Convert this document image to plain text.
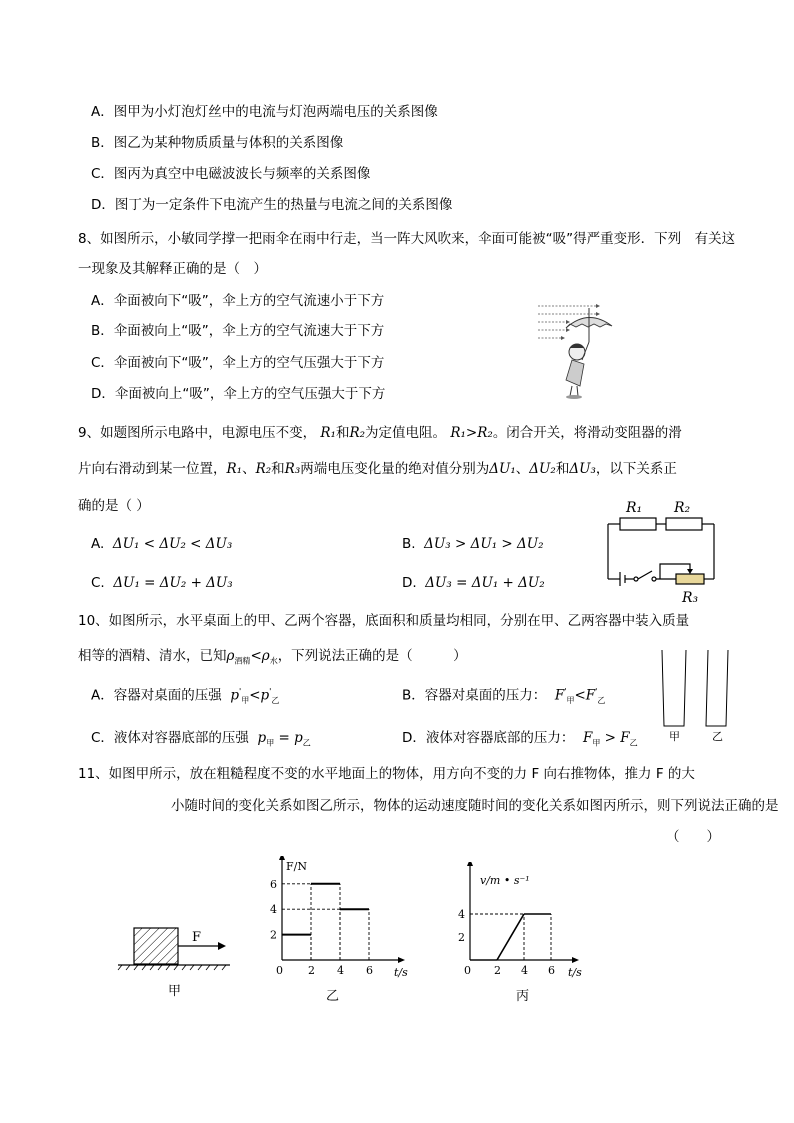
A．图甲为小灯泡灯丝中的电流与灯泡两端电压的关系图像
B．图乙为某种物质质量与体积的关系图像
C．图丙为真空中电磁波波长与频率的关系图像
D．图丁为一定条件下电流产生的热量与电流之间的关系图像
8、如图所示，小敏同学撑一把雨伞在雨中行走，当一阵大风吹来，伞面可能被“吸”得严重变形．下列　有关这
一现象及其解释正确的是（　）
A．伞面被向下“吸”，伞上方的空气流速小于下方
B．伞面被向上“吸”，伞上方的空气流速大于下方
C．伞面被向下“吸”，伞上方的空气压强大于下方
D．伞面被向上“吸”，伞上方的空气压强大于下方
9、如题图所示电路中，电源电压不变， R₁和R₂为定值电阻。 R₁>R₂。闭合开关，将滑动变阻器的滑
片向右滑动到某一位置，R₁、R₂和R₃两端电压变化量的绝对值分别为ΔU₁、ΔU₂和ΔU₃，以下关系正
确的是（ ）
A. ΔU₁ < ΔU₂ < ΔU₃	B. ΔU₃ > ΔU₁ > ΔU₂
C. ΔU₁ = ΔU₂ + ΔU₃	D. ΔU₃ = ΔU₁ + ΔU₂
R₁ R₂
R₃
10、如图所示，水平桌面上的甲、乙两个容器，底面积和质量均相同，分别在甲、乙两容器中装入质量
相等的酒精、清水，已知$\rho_{酒精}<\rho_水$，下列说法正确的是（　　　）
A．容器对桌面的压强 $p'_甲<p'_乙$	B．容器对桌面的压力： $F'_甲<F'_乙$
C．液体对容器底部的压强 $p_甲 = p_乙$	D．液体对容器底部的压力： $F_甲 > F_乙$
甲	乙
11、如图甲所示，放在粗糙程度不变的水平地面上的物体，用方向不变的力 F 向右推物体，推力 F 的大
小随时间的变化关系如图乙所示，物体的运动速度随时间的变化关系如图丙所示，则下列说法正确的是
（　　）
F
甲	乙
F/N
t/s
0 2 4 6
2
4
6
丙
v/m • s⁻¹
t/s
0 2 4 6
2
4
